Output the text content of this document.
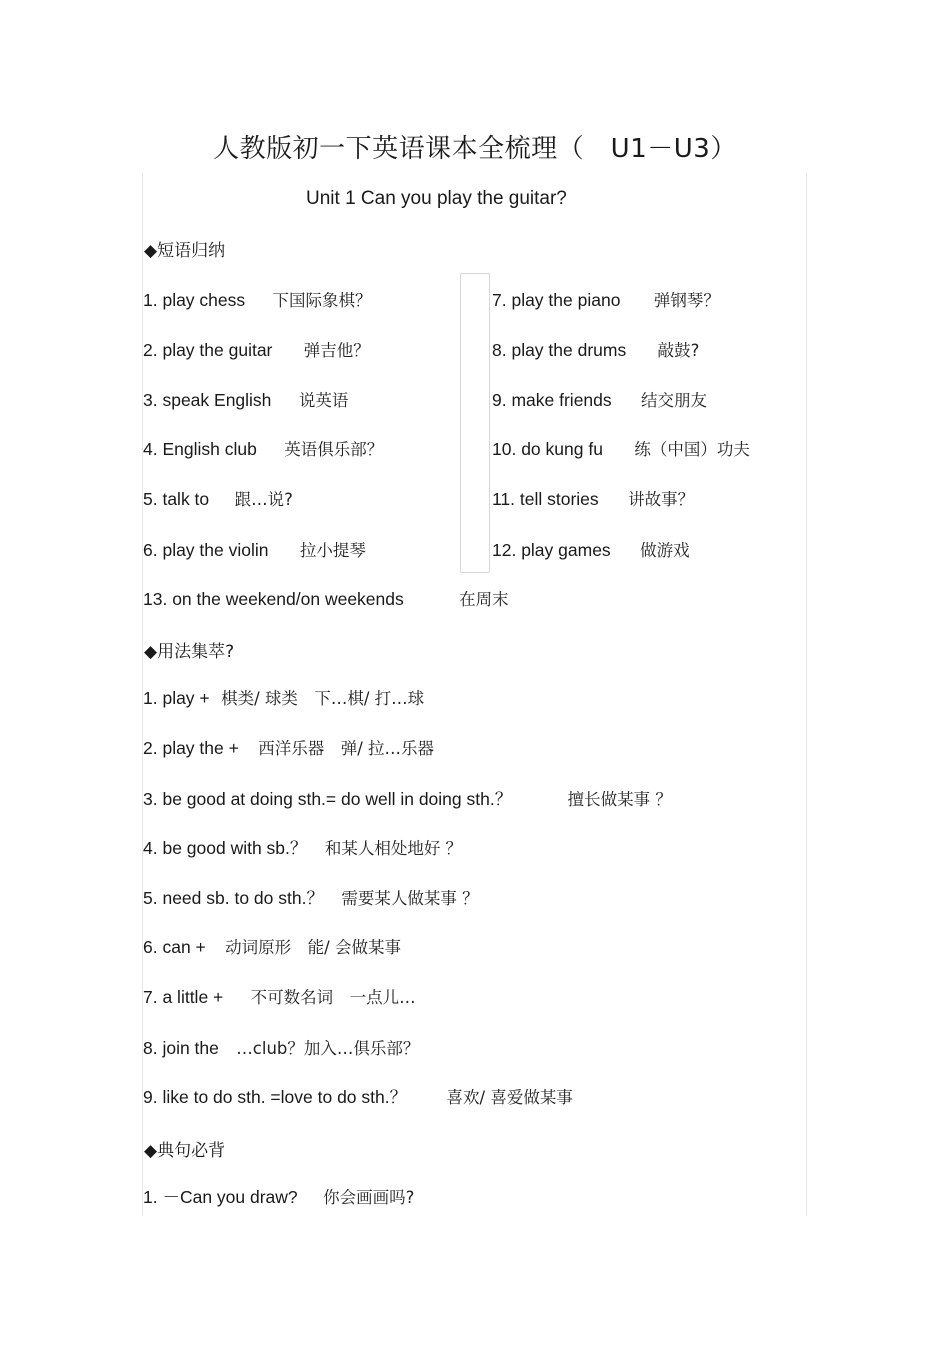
人教版初一下英语课本全梳理（　U1－U3）
Unit 1 Can you play the guitar?
◆短语归纳
1. play chess 下国际象棋？
2. play the guitar 弹吉他？
3. speak English 说英语
4. English club 英语俱乐部？
5. talk to 跟…说?
6. play the violin 拉小提琴
7. play the piano 弹钢琴？
8. play the drums 敲鼓?
9. make friends 结交朋友
10. do kung fu 练（中国）功夫
11. tell stories 讲故事？
12. play games 做游戏
13. on the weekend/on weekends	在周末
◆用法集萃?
1. play + 棋类/ 球类　下…棋/ 打…球
2. play the + 西洋乐器　弹/ 拉…乐器
3. be good at doing sth.= do well in doing sth.？	擅长做某事 ？
4. be good with sb.？ 和某人相处地好 ？
5. need sb. to do sth.？ 需要某人做某事 ？
6. can + 动词原形　能/ 会做某事
7. a little + 不可数名词　一点儿…
8. join the …club？加入…俱乐部？
9. like to do sth. =love to do sth.？ 喜欢/ 喜爱做某事
◆典句必背
1. －Can you draw? 你会画画吗?
